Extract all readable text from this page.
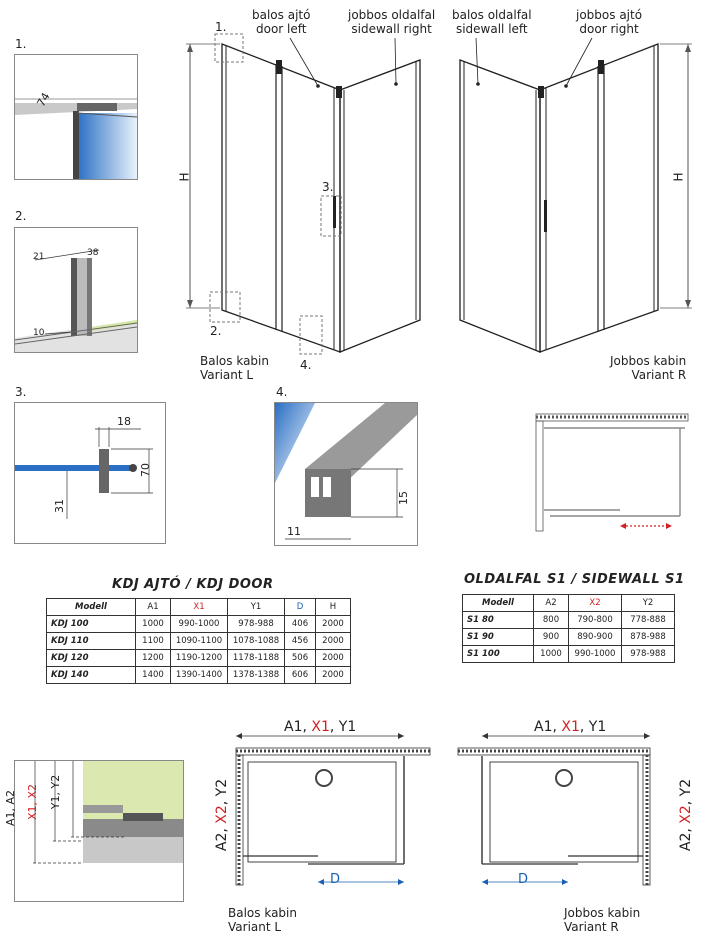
balos ajtó
door left
jobbos oldalfal
sidewall right
balos oldalfal
sidewall left
jobbos ajtó
door right
1.
3.
2.
4.
H	H
Balos kabin
Variant L
Jobbos kabin
Variant R
1.
74
2.
21	38
10
3.
18
70
31
4.
15
11
KDJ AJTÓ / KDJ DOOR
Modell	A1	X1	Y1	D	H
KDJ 100	1000	990-1000	978-988	406	2000
KDJ 110	1100	1090-1100	1078-1088	456	2000
KDJ 120	1200	1190-1200	1178-1188	506	2000
KDJ 140	1400	1390-1400	1378-1388	606	2000
OLDALFAL S1 / SIDEWALL S1
Modell	A2	X2	Y2
S1 80	800	790-800	778-888
S1 90	900	890-900	878-988
S1 100	1000	990-1000	978-988
A1, A2 X1, X2 Y1, Y2
A1, X1, Y1
A2, X2, Y2
D
Balos kabin
Variant L
A1, X1, Y1
A2, X2, Y2
D
Jobbos kabin
Variant R
